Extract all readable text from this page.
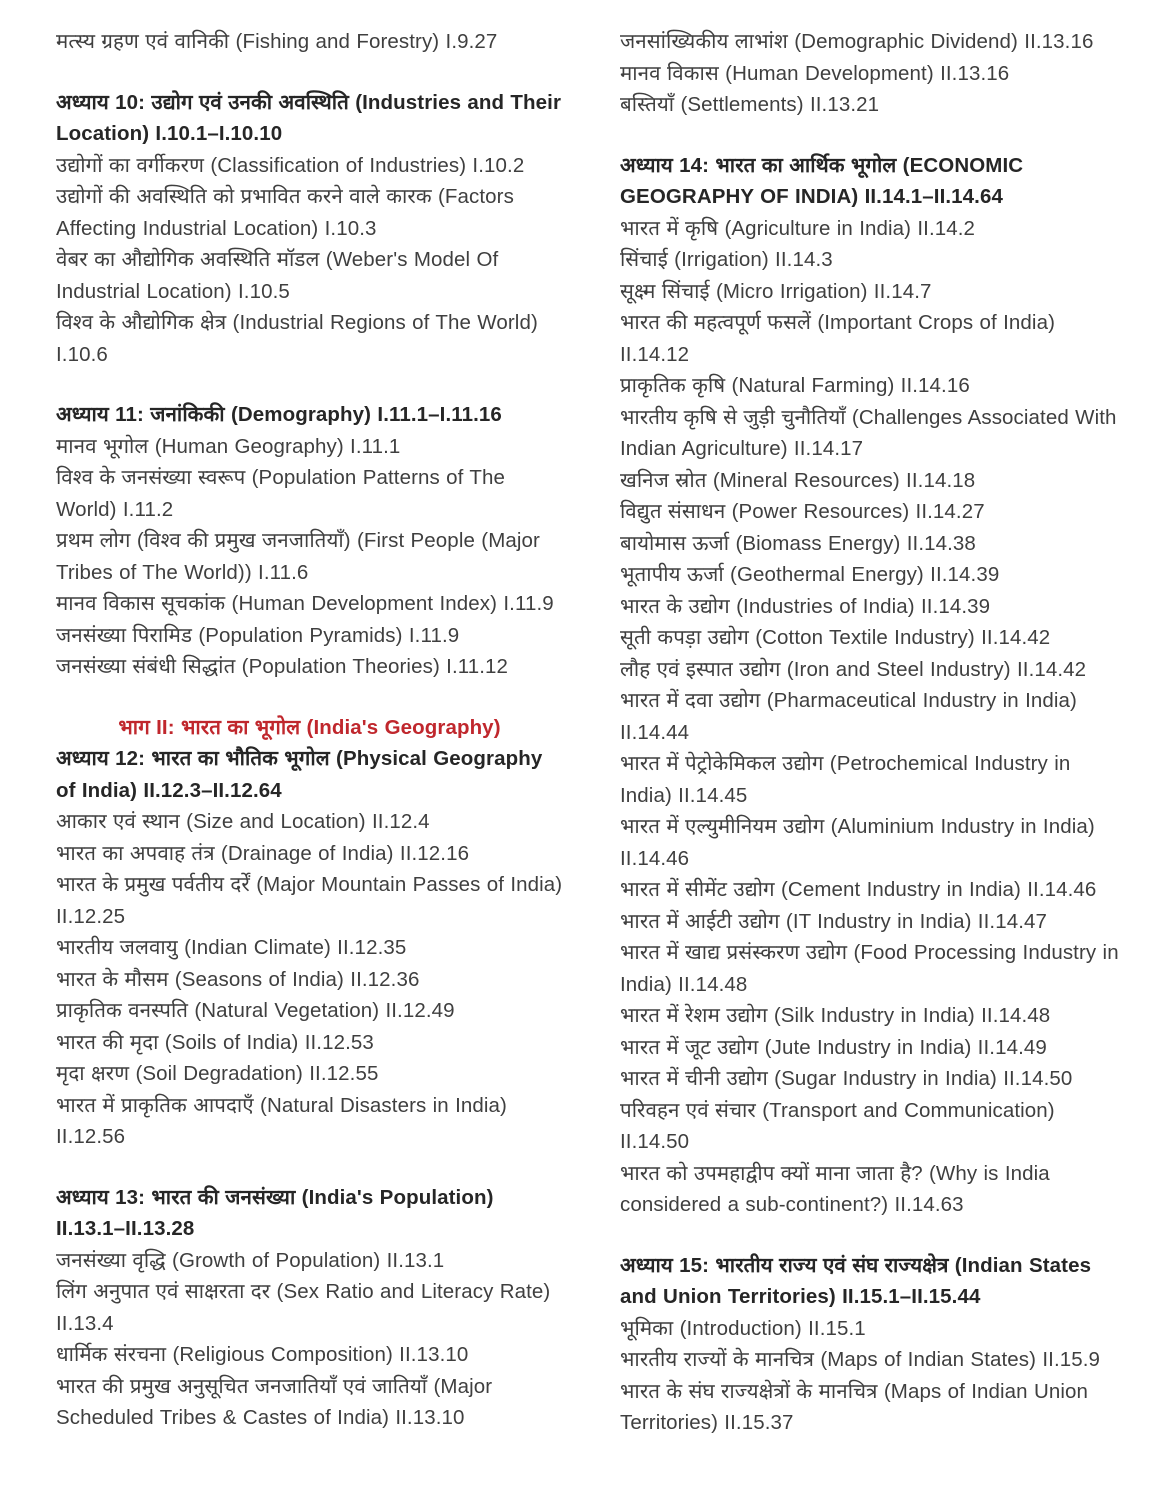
मत्स्य ग्रहण एवं वानिकी (Fishing and Forestry) I.9.27
अध्याय 10: उद्योग एवं उनकी अवस्थिति (Industries and Their Location) I.10.1–I.10.10
उद्योगों का वर्गीकरण (Classification of Industries) I.10.2
उद्योगों की अवस्थिति को प्रभावित करने वाले कारक (Factors Affecting Industrial Location) I.10.3
वेबर का औद्योगिक अवस्थिति मॉडल (Weber's Model Of Industrial Location) I.10.5
विश्व के औद्योगिक क्षेत्र (Industrial Regions of The World) I.10.6
अध्याय 11: जनांकिकी (Demography) I.11.1–I.11.16
मानव भूगोल (Human Geography) I.11.1
विश्व के जनसंख्या स्वरूप (Population Patterns of The World) I.11.2
प्रथम लोग (विश्व की प्रमुख जनजातियाँ) (First People (Major Tribes of The World)) I.11.6
मानव विकास सूचकांक (Human Development Index) I.11.9
जनसंख्या पिरामिड (Population Pyramids) I.11.9
जनसंख्या संबंधी सिद्धांत (Population Theories) I.11.12
भाग II: भारत का भूगोल (India's Geography)
अध्याय 12: भारत का भौतिक भूगोल (Physical Geography of India) II.12.3–II.12.64
आकार एवं स्थान (Size and Location) II.12.4
भारत का अपवाह तंत्र (Drainage of India) II.12.16
भारत के प्रमुख पर्वतीय दर्रें (Major Mountain Passes of India) II.12.25
भारतीय जलवायु (Indian Climate) II.12.35
भारत के मौसम (Seasons of India) II.12.36
प्राकृतिक वनस्पति (Natural Vegetation) II.12.49
भारत की मृदा (Soils of India) II.12.53
मृदा क्षरण (Soil Degradation) II.12.55
भारत में प्राकृतिक आपदाएँ (Natural Disasters in India) II.12.56
अध्याय 13: भारत की जनसंख्या (India's Population) II.13.1–II.13.28
जनसंख्या वृद्धि (Growth of Population) II.13.1
लिंग अनुपात एवं साक्षरता दर (Sex Ratio and Literacy Rate) II.13.4
धार्मिक संरचना (Religious Composition) II.13.10
भारत की प्रमुख अनुसूचित जनजातियाँ एवं जातियाँ (Major Scheduled Tribes & Castes of India) II.13.10
जनसांख्यिकीय लाभांश (Demographic Dividend) II.13.16
मानव विकास (Human Development) II.13.16
बस्तियाँ (Settlements) II.13.21
अध्याय 14: भारत का आर्थिक भूगोल (ECONOMIC GEOGRAPHY OF INDIA) II.14.1–II.14.64
भारत में कृषि (Agriculture in India) II.14.2
सिंचाई (Irrigation) II.14.3
सूक्ष्म सिंचाई (Micro Irrigation) II.14.7
भारत की महत्वपूर्ण फसलें (Important Crops of India) II.14.12
प्राकृतिक कृषि (Natural Farming) II.14.16
भारतीय कृषि से जुड़ी चुनौतियाँ (Challenges Associated With Indian Agriculture) II.14.17
खनिज स्रोत (Mineral Resources) II.14.18
विद्युत संसाधन (Power Resources) II.14.27
बायोमास ऊर्जा (Biomass Energy) II.14.38
भूतापीय ऊर्जा (Geothermal Energy) II.14.39
भारत के उद्योग (Industries of India) II.14.39
सूती कपड़ा उद्योग (Cotton Textile Industry) II.14.42
लौह एवं इस्पात उद्योग (Iron and Steel Industry) II.14.42
भारत में दवा उद्योग (Pharmaceutical Industry in India) II.14.44
भारत में पेट्रोकेमिकल उद्योग (Petrochemical Industry in India) II.14.45
भारत में एल्युमीनियम उद्योग (Aluminium Industry in India) II.14.46
भारत में सीमेंट उद्योग (Cement Industry in India) II.14.46
भारत में आईटी उद्योग (IT Industry in India) II.14.47
भारत में खाद्य प्रसंस्करण उद्योग (Food Processing Industry in India) II.14.48
भारत में रेशम उद्योग (Silk Industry in India) II.14.48
भारत में जूट उद्योग (Jute Industry in India) II.14.49
भारत में चीनी उद्योग (Sugar Industry in India) II.14.50
परिवहन एवं संचार (Transport and Communication) II.14.50
भारत को उपमहाद्वीप क्यों माना जाता है? (Why is India considered a sub-continent?) II.14.63
अध्याय 15: भारतीय राज्य एवं संघ राज्यक्षेत्र (Indian States and Union Territories) II.15.1–II.15.44
भूमिका (Introduction) II.15.1
भारतीय राज्यों के मानचित्र (Maps of Indian States) II.15.9
भारत के संघ राज्यक्षेत्रों के मानचित्र (Maps of Indian Union Territories) II.15.37
